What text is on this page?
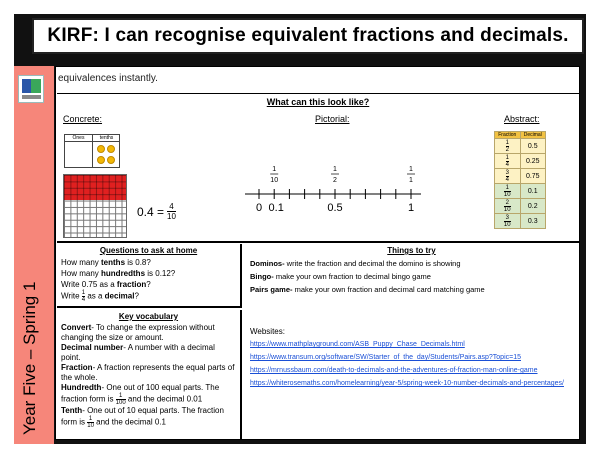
KIRF: I can recognise equivalent fractions and decimals.
Year Five – Spring 1
equivalences instantly.
What can this look like?
Concrete:	Pictorial:	Abstract:
Ones	tenths
$0.4 = \frac{4}{10}$	0 0.1	0.5	1
1
10
1
2
1
1
Fraction	Decimal

$\frac{1}{2}$	0.5

$\frac{1}{4}$	0.25

$\frac{3}{4}$	0.75

$\frac{1}{10}$	0.1

$\frac{2}{10}$	0.2

$\frac{3}{10}$	0.3
Questions to ask at home
How many tenths is 0.8?
How many hundredths is 0.12?
Write 0.75 as a fraction?
Write $\frac{1}{4}$ as a decimal?
Key vocabulary
Convert- To change the expression without changing the size or amount.
Decimal number- A number with a decimal point.
Fraction- A fraction represents the equal parts of the whole.
Hundredth- One out of 100 equal parts. The fraction form is $\frac{1}{100}$ and the decimal 0.01
Tenth- One out of 10 equal parts. The fraction form is $\frac{1}{10}$ and the decimal 0.1
Things to try
Dominos- write the fraction and decimal the domino is showing
Bingo- make your own fraction to decimal bingo game
Pairs game- make your own fraction and decimal card matching game
Websites:
https://www.mathplayground.com/ASB_Puppy_Chase_Decimals.html
https://www.transum.org/software/SW/Starter_of_the_day/Students/Pairs.asp?Topic=15
https://mrnussbaum.com/death-to-decimals-and-the-adventures-of-fraction-man-online-game
https://whiterosemaths.com/homelearning/year-5/spring-week-10-number-decimals-and-percentages/
